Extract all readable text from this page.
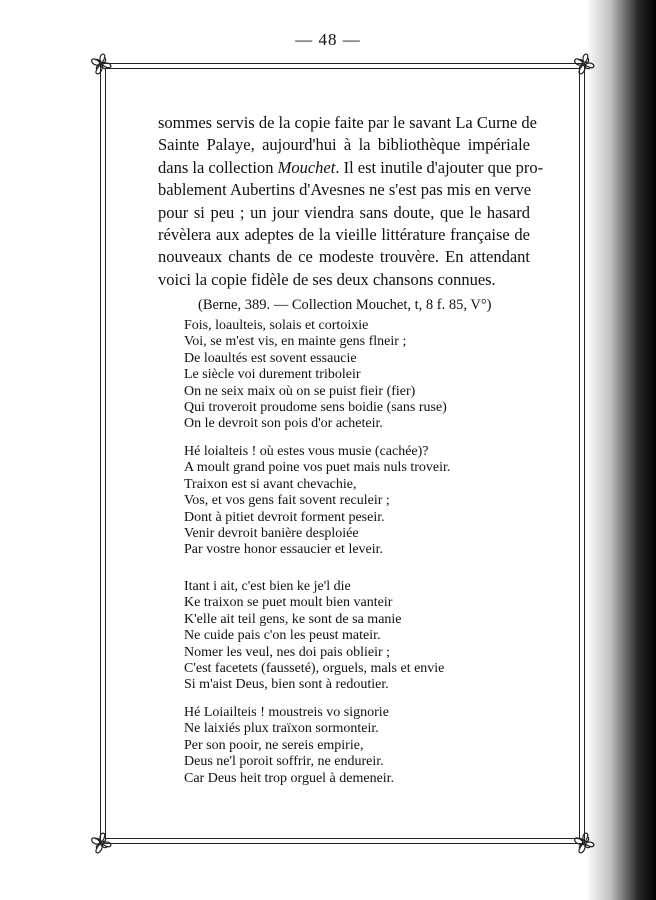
— 48 —
sommes servis de la copie faite par le savant La Curne de
Sainte Palaye, aujourd'hui à la bibliothèque impériale
dans la collection Mouchet. Il est inutile d'ajouter que pro-
bablement Aubertins d'Avesnes ne s'est pas mis en verve
pour si peu ; un jour viendra sans doute, que le hasard
révèlera aux adeptes de la vieille littérature française de
nouveaux chants de ce modeste trouvère. En attendant
voici la copie fidèle de ses deux chansons connues.
(Berne, 389. — Collection Mouchet, t, 8 f. 85, V°)
Fois, loaulteis, solais et cortoixie
Voi, se m'est vis, en mainte gens flneir ;
De loaultés est sovent essaucie
Le siècle voi durement triboleir
On ne seix maix où on se puist fieir (fier)
Qui troveroit proudome sens boidie (sans ruse)
On le devroit son pois d'or acheteir.
Hé loialteis ! où estes vous musie (cachée)?
A moult grand poine vos puet mais nuls troveir.
Traixon est si avant chevachie,
Vos, et vos gens fait sovent reculeir ;
Dont à pitiet devroit forment peseir.
Venir devroit banière desploiée
Par vostre honor essaucier et leveir.
Itant i ait, c'est bien ke je'l die
Ke traixon se puet moult bien vanteir
K'elle ait teil gens, ke sont de sa manie
Ne cuide pais c'on les peust mateir.
Nomer les veul, nes doi pais oblieir ;
C'est facetets (fausseté), orguels, mals et envie
Si m'aist Deus, bien sont à redoutier.
Hé Loiailteis ! moustreis vo signorie
Ne laixiés plux traïxon sormonteir.
Per son pooir, ne sereis empirie,
Deus ne'l poroit soffrir, ne endureir.
Car Deus heit trop orguel à demeneir.
